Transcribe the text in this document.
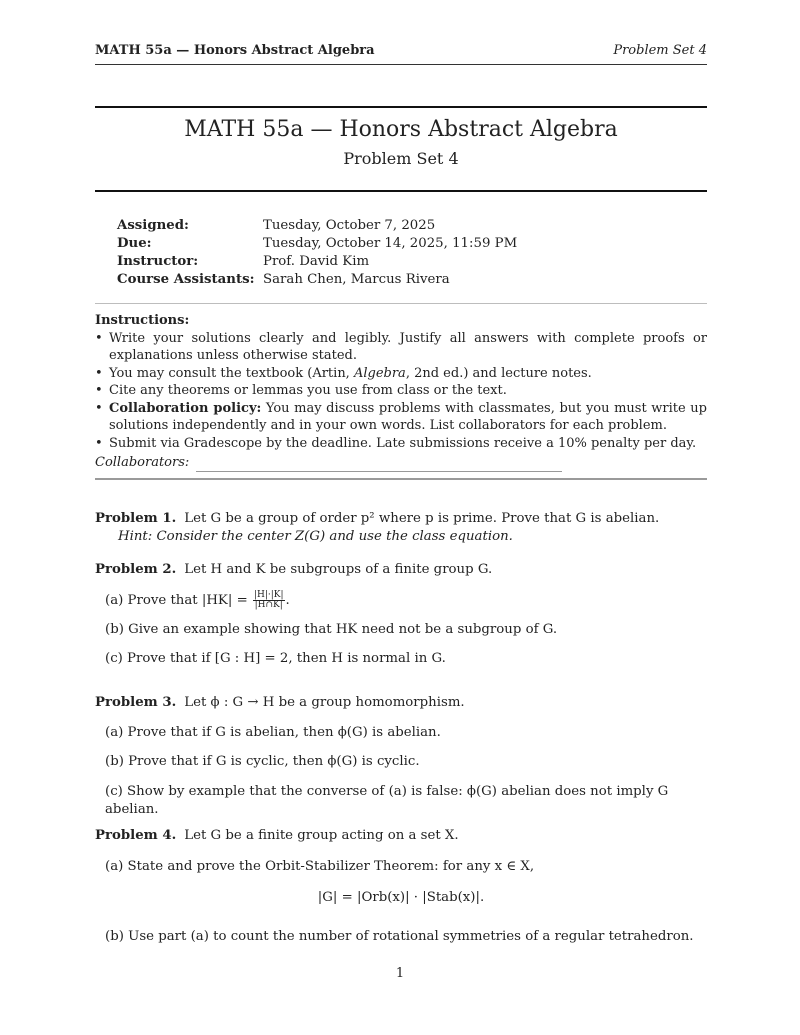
MATH 55a — Honors Abstract Algebra	Problem Set 4
MATH 55a — Honors Abstract Algebra
Problem Set 4
Assigned:	Tuesday, October 7, 2025
Due:	Tuesday, October 14, 2025, 11:59 PM
Instructor:	Prof. David Kim
Course Assistants: Sarah Chen, Marcus Rivera
Instructions:
• Write your solutions clearly and legibly. Justify all answers with complete proofs or explanations unless otherwise stated.
• You may consult the textbook (Artin, Algebra, 2nd ed.) and lecture notes.
• Cite any theorems or lemmas you use from class or the text.
• Collaboration policy: You may discuss problems with classmates, but you must write up solutions independently and in your own words. List collaborators for each problem.
• Submit via Gradescope by the deadline. Late submissions receive a 10% penalty per day.
Collaborators:
Problem 1. Let G be a group of order p² where p is prime. Prove that G is abelian.
Hint: Consider the center Z(G) and use the class equation.
Problem 2. Let H and K be subgroups of a finite group G.
(a) Prove that $|HK| = \frac{|H|\cdot|K|}{|H\cap K|}$ .
(b) Give an example showing that HK need not be a subgroup of G.
(c) Prove that if [G : H] = 2, then H is normal in G.
Problem 3. Let ϕ : G → H be a group homomorphism.
(a) Prove that if G is abelian, then ϕ(G) is abelian.
(b) Prove that if G is cyclic, then ϕ(G) is cyclic.
(c) Show by example that the converse of (a) is false: ϕ(G) abelian does not imply G abelian.
Problem 4. Let G be a finite group acting on a set X.
(a) State and prove the Orbit-Stabilizer Theorem: for any x ∈ X,
|G| = |Orb(x)| · |Stab(x)|.
(b) Use part (a) to count the number of rotational symmetries of a regular tetrahedron.
1
